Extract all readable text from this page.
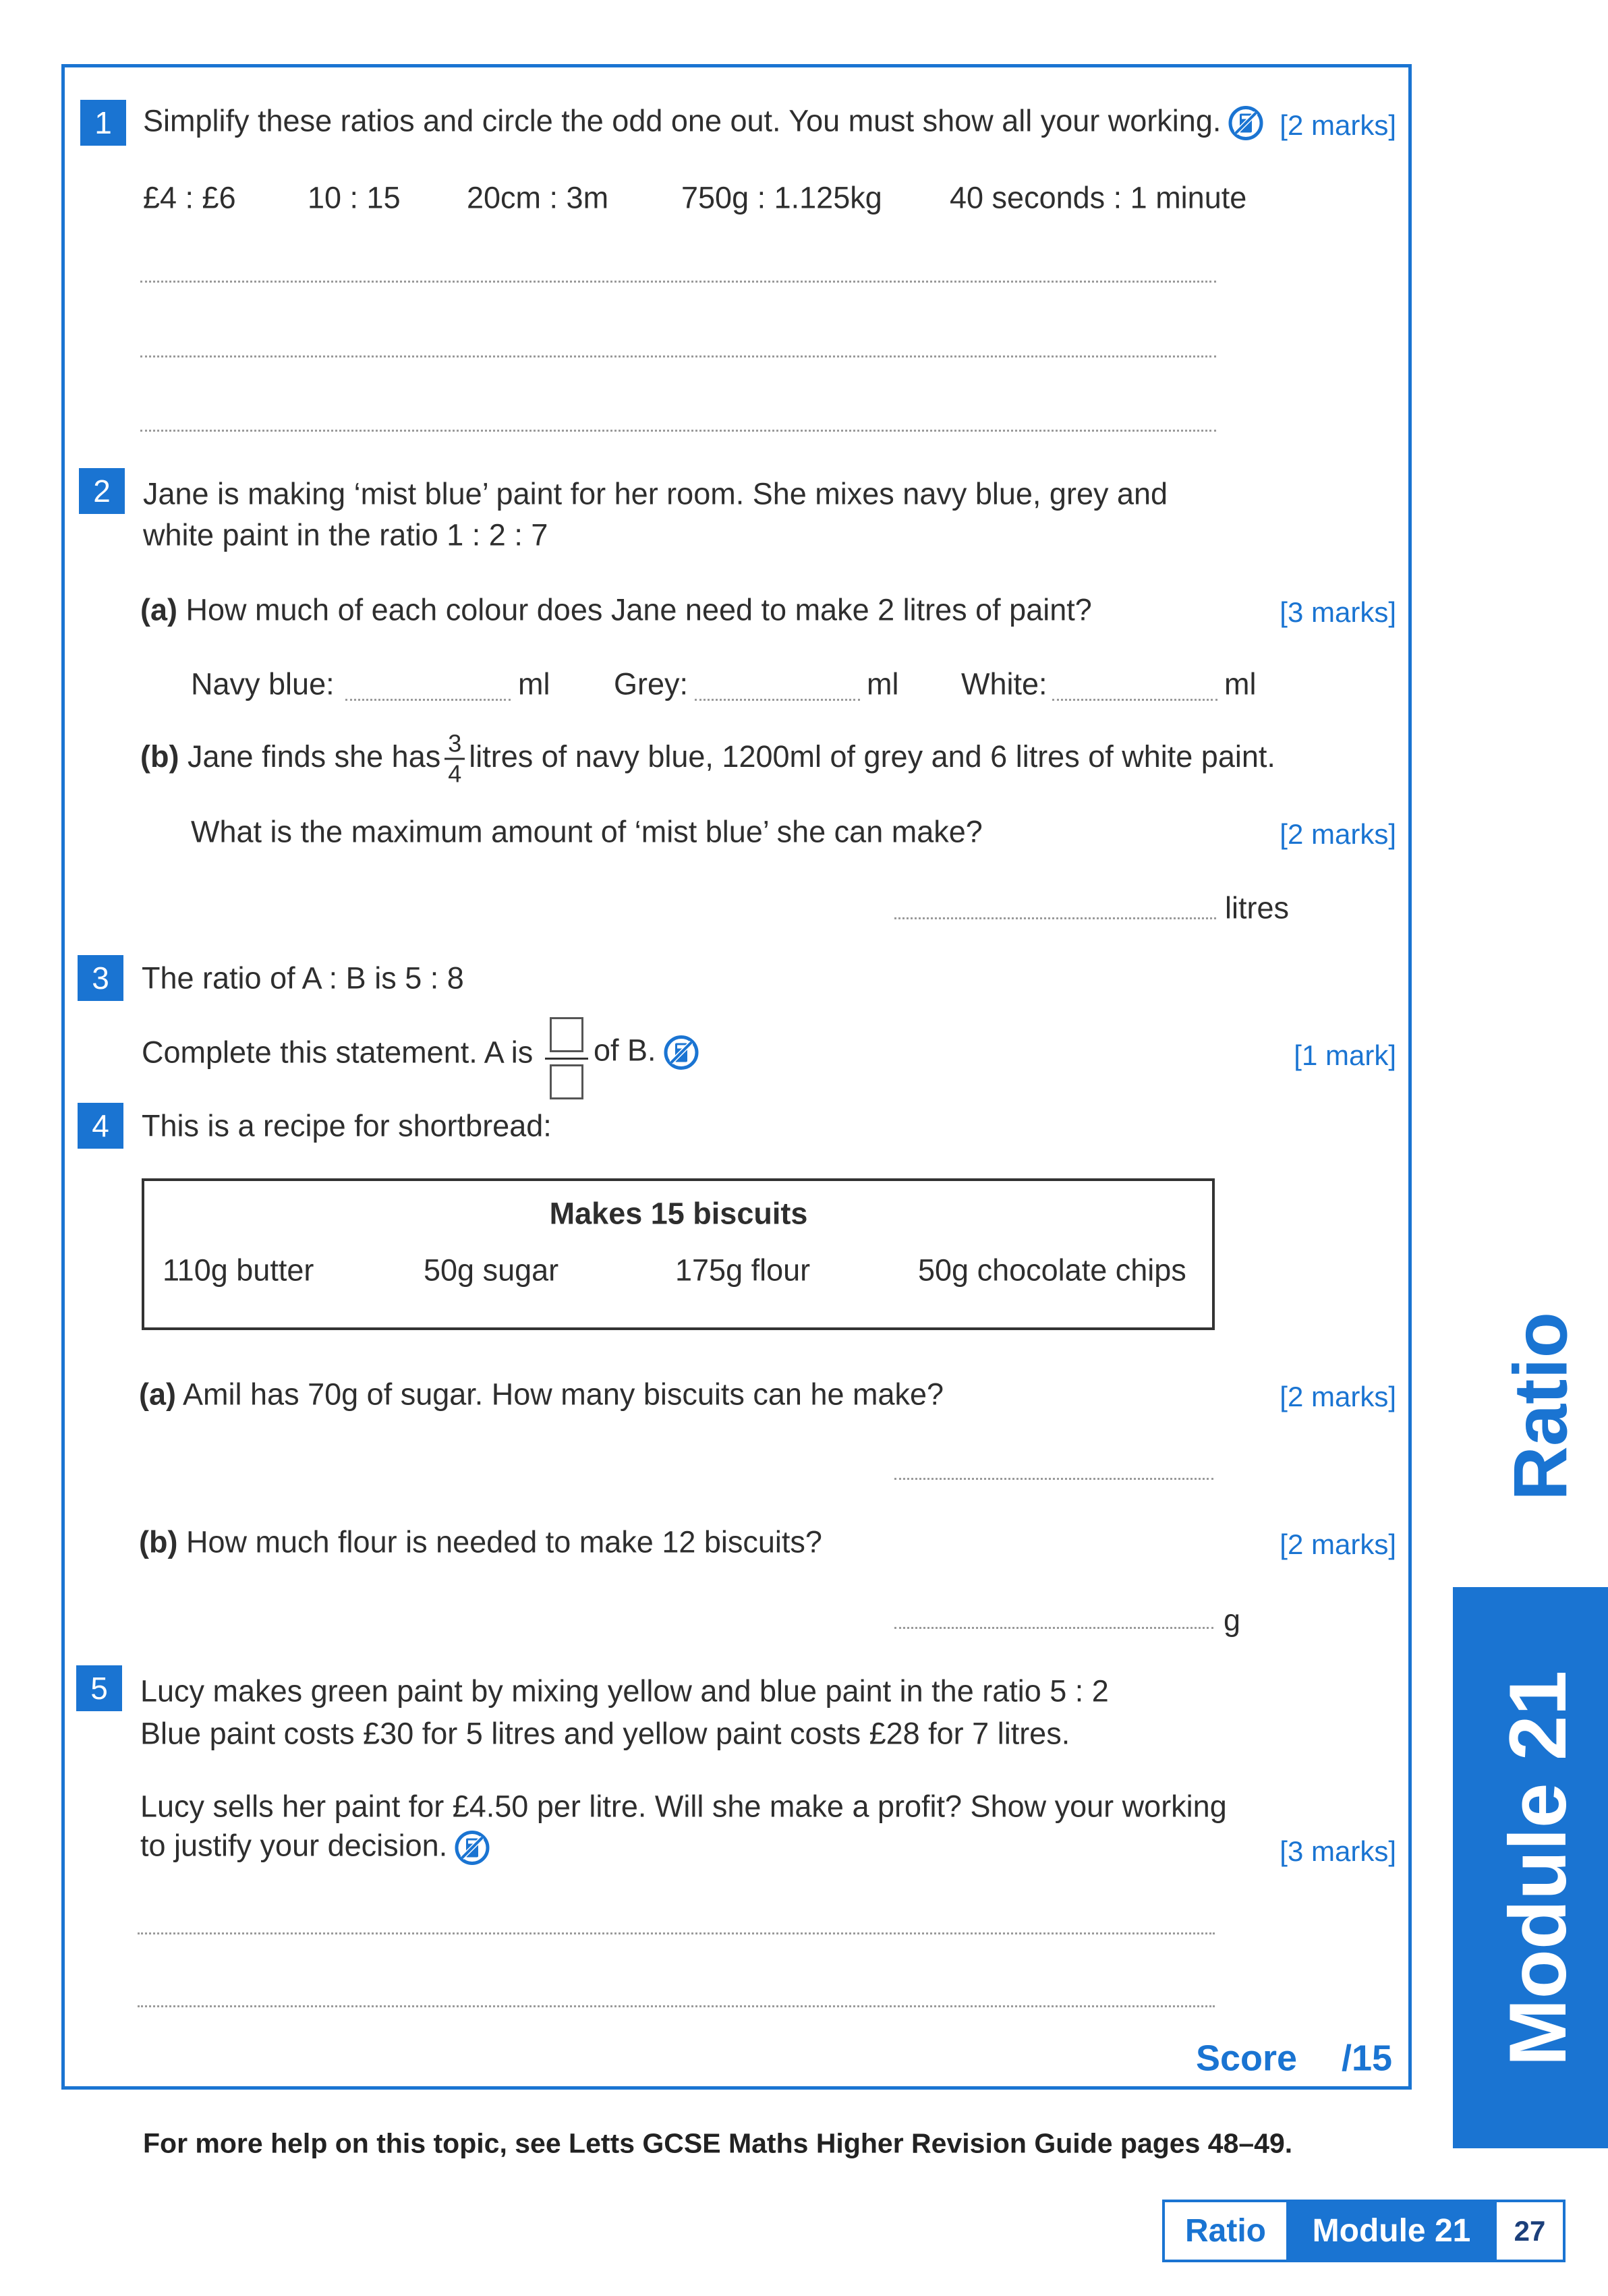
1	Simplify these ratios and circle the odd one out. You must show all your working.	[2 marks]
£4 : £6 10 : 15 20cm : 3m 750g : 1.125kg 40 seconds : 1 minute
2	Jane is making ‘mist blue’ paint for her room. She mixes navy blue, grey and
white paint in the ratio 1 : 2 : 7
(a) How much of each colour does Jane need to make 2 litres of paint?	[3 marks]
Navy blue:	ml Grey:	ml White:	ml
(b) Jane finds she has $\frac{3}{4}$ litres of navy blue, 1200ml of grey and 6 litres of white paint.
What is the maximum amount of ‘mist blue’ she can make?	[2 marks]
litres
3	The ratio of A : B is 5 : 8
Complete this statement. A is of B.	[1 mark]
4	This is a recipe for shortbread:
Makes 15 biscuits
110g butter	50g sugar	175g flour	50g chocolate chips
(a) Amil has 70g of sugar. How many biscuits can he make?	[2 marks]
(b) How much flour is needed to make 12 biscuits?	[2 marks]
g
5	Lucy makes green paint by mixing yellow and blue paint in the ratio 5 : 2
Blue paint costs £30 for 5 litres and yellow paint costs £28 for 7 litres.
Lucy sells her paint for £4.50 per litre. Will she make a profit? Show your working
to justify your decision.	[3 marks]
Score /15
For more help on this topic, see Letts GCSE Maths Higher Revision Guide pages 48–49.
Ratio
Module 21
Ratio	Module 21	27
